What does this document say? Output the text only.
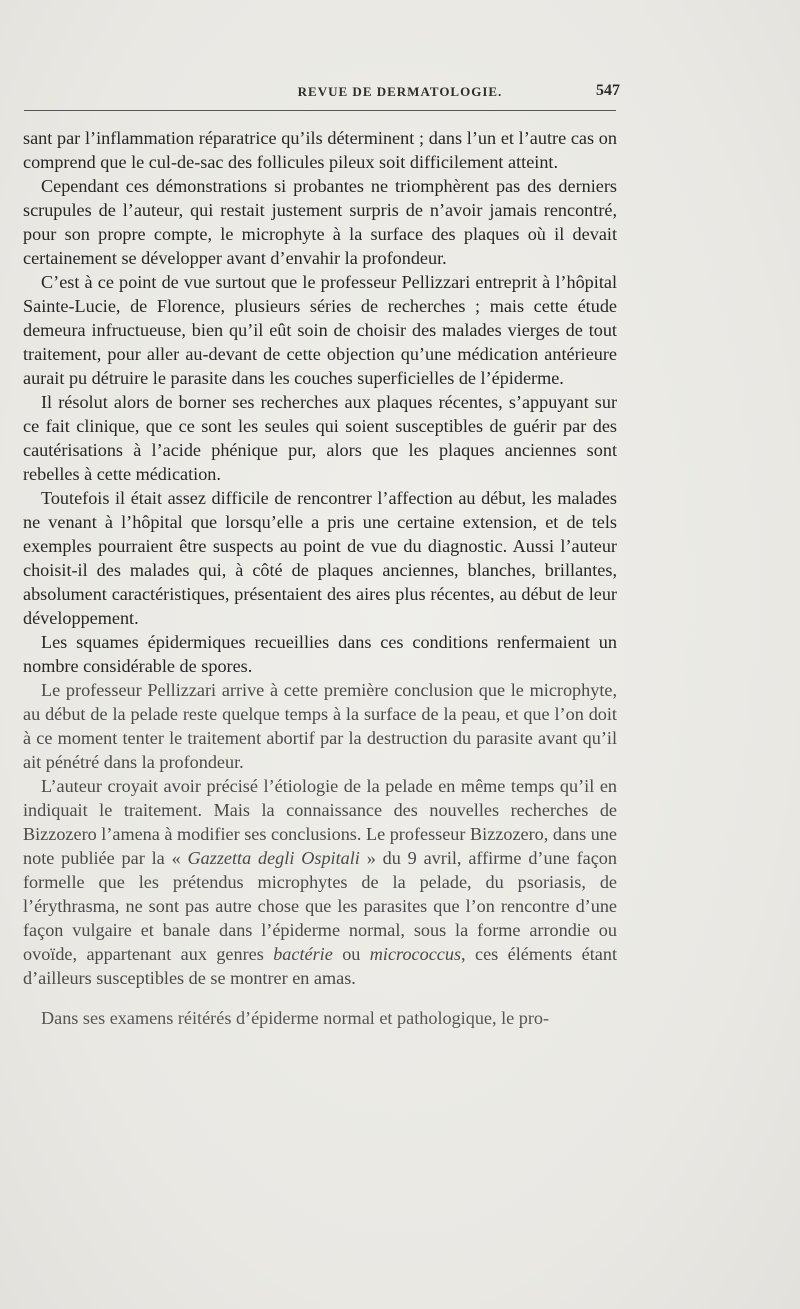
REVUE DE DERMATOLOGIE.	547

sant par l’inflammation réparatrice qu’ils déterminent ; dans l’un et l’autre cas on comprend que le cul-de-sac des follicules pileux soit difficilement atteint.

Cependant ces démonstrations si probantes ne triomphèrent pas des derniers scrupules de l’auteur, qui restait justement surpris de n’avoir jamais rencontré, pour son propre compte, le microphyte à la surface des plaques où il devait certainement se développer avant d’envahir la profondeur.

C’est à ce point de vue surtout que le professeur Pellizzari entreprit à l’hôpital Sainte-Lucie, de Florence, plusieurs séries de recherches ; mais cette étude demeura infructueuse, bien qu’il eût soin de choisir des malades vierges de tout traitement, pour aller au-devant de cette objection qu’une médication antérieure aurait pu détruire le parasite dans les couches superficielles de l’épiderme.

Il résolut alors de borner ses recherches aux plaques récentes, s’appuyant sur ce fait clinique, que ce sont les seules qui soient susceptibles de guérir par des cautérisations à l’acide phénique pur, alors que les plaques anciennes sont rebelles à cette médication.

Toutefois il était assez difficile de rencontrer l’affection au début, les malades ne venant à l’hôpital que lorsqu’elle a pris une certaine extension, et de tels exemples pourraient être suspects au point de vue du diagnostic. Aussi l’auteur choisit-il des malades qui, à côté de plaques anciennes, blanches, brillantes, absolument caractéristiques, présentaient des aires plus récentes, au début de leur développement.

Les squames épidermiques recueillies dans ces conditions renfermaient un nombre considérable de spores.

Le professeur Pellizzari arrive à cette première conclusion que le microphyte, au début de la pelade reste quelque temps à la surface de la peau, et que l’on doit à ce moment tenter le traitement abortif par la destruction du parasite avant qu’il ait pénétré dans la profondeur.

L’auteur croyait avoir précisé l’étiologie de la pelade en même temps qu’il en indiquait le traitement. Mais la connaissance des nouvelles recherches de Bizzozero l’amena à modifier ses conclusions. Le professeur Bizzozero, dans une note publiée par la « Gazzetta degli Ospitali » du 9 avril, affirme d’une façon formelle que les prétendus microphytes de la pelade, du psoriasis, de l’érythrasma, ne sont pas autre chose que les parasites que l’on rencontre d’une façon vulgaire et banale dans l’épiderme normal, sous la forme arrondie ou ovoïde, appartenant aux genres bactérie ou micrococcus, ces éléments étant d’ailleurs susceptibles de se montrer en amas.

Dans ses examens réitérés d’épiderme normal et pathologique, le pro-
